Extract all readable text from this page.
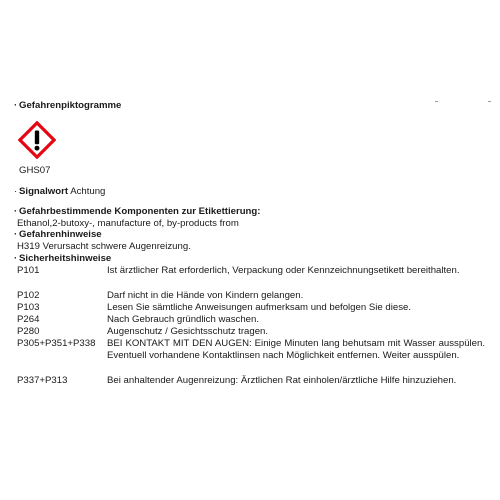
· Gefahrenpiktogramme
GHS07
· Signalwort Achtung
· Gefahrbestimmende Komponenten zur Etikettierung:
Ethanol,2-butoxy-, manufacture of, by-products from
· Gefahrenhinweise
H319 Verursacht schwere Augenreizung.
· Sicherheitshinweise
P101	Ist ärztlicher Rat erforderlich, Verpackung oder Kennzeichnungsetikett bereithalten.
P102	Darf nicht in die Hände von Kindern gelangen.
P103	Lesen Sie sämtliche Anweisungen aufmerksam und befolgen Sie diese.
P264	Nach Gebrauch gründlich waschen.
P280	Augenschutz / Gesichtsschutz tragen.
P305+P351+P338 BEI KONTAKT MIT DEN AUGEN: Einige Minuten lang behutsam mit Wasser ausspülen. Eventuell vorhandene Kontaktlinsen nach Möglichkeit entfernen. Weiter ausspülen.
P337+P313	Bei anhaltender Augenreizung: Ärztlichen Rat einholen/ärztliche Hilfe hinzuziehen.
